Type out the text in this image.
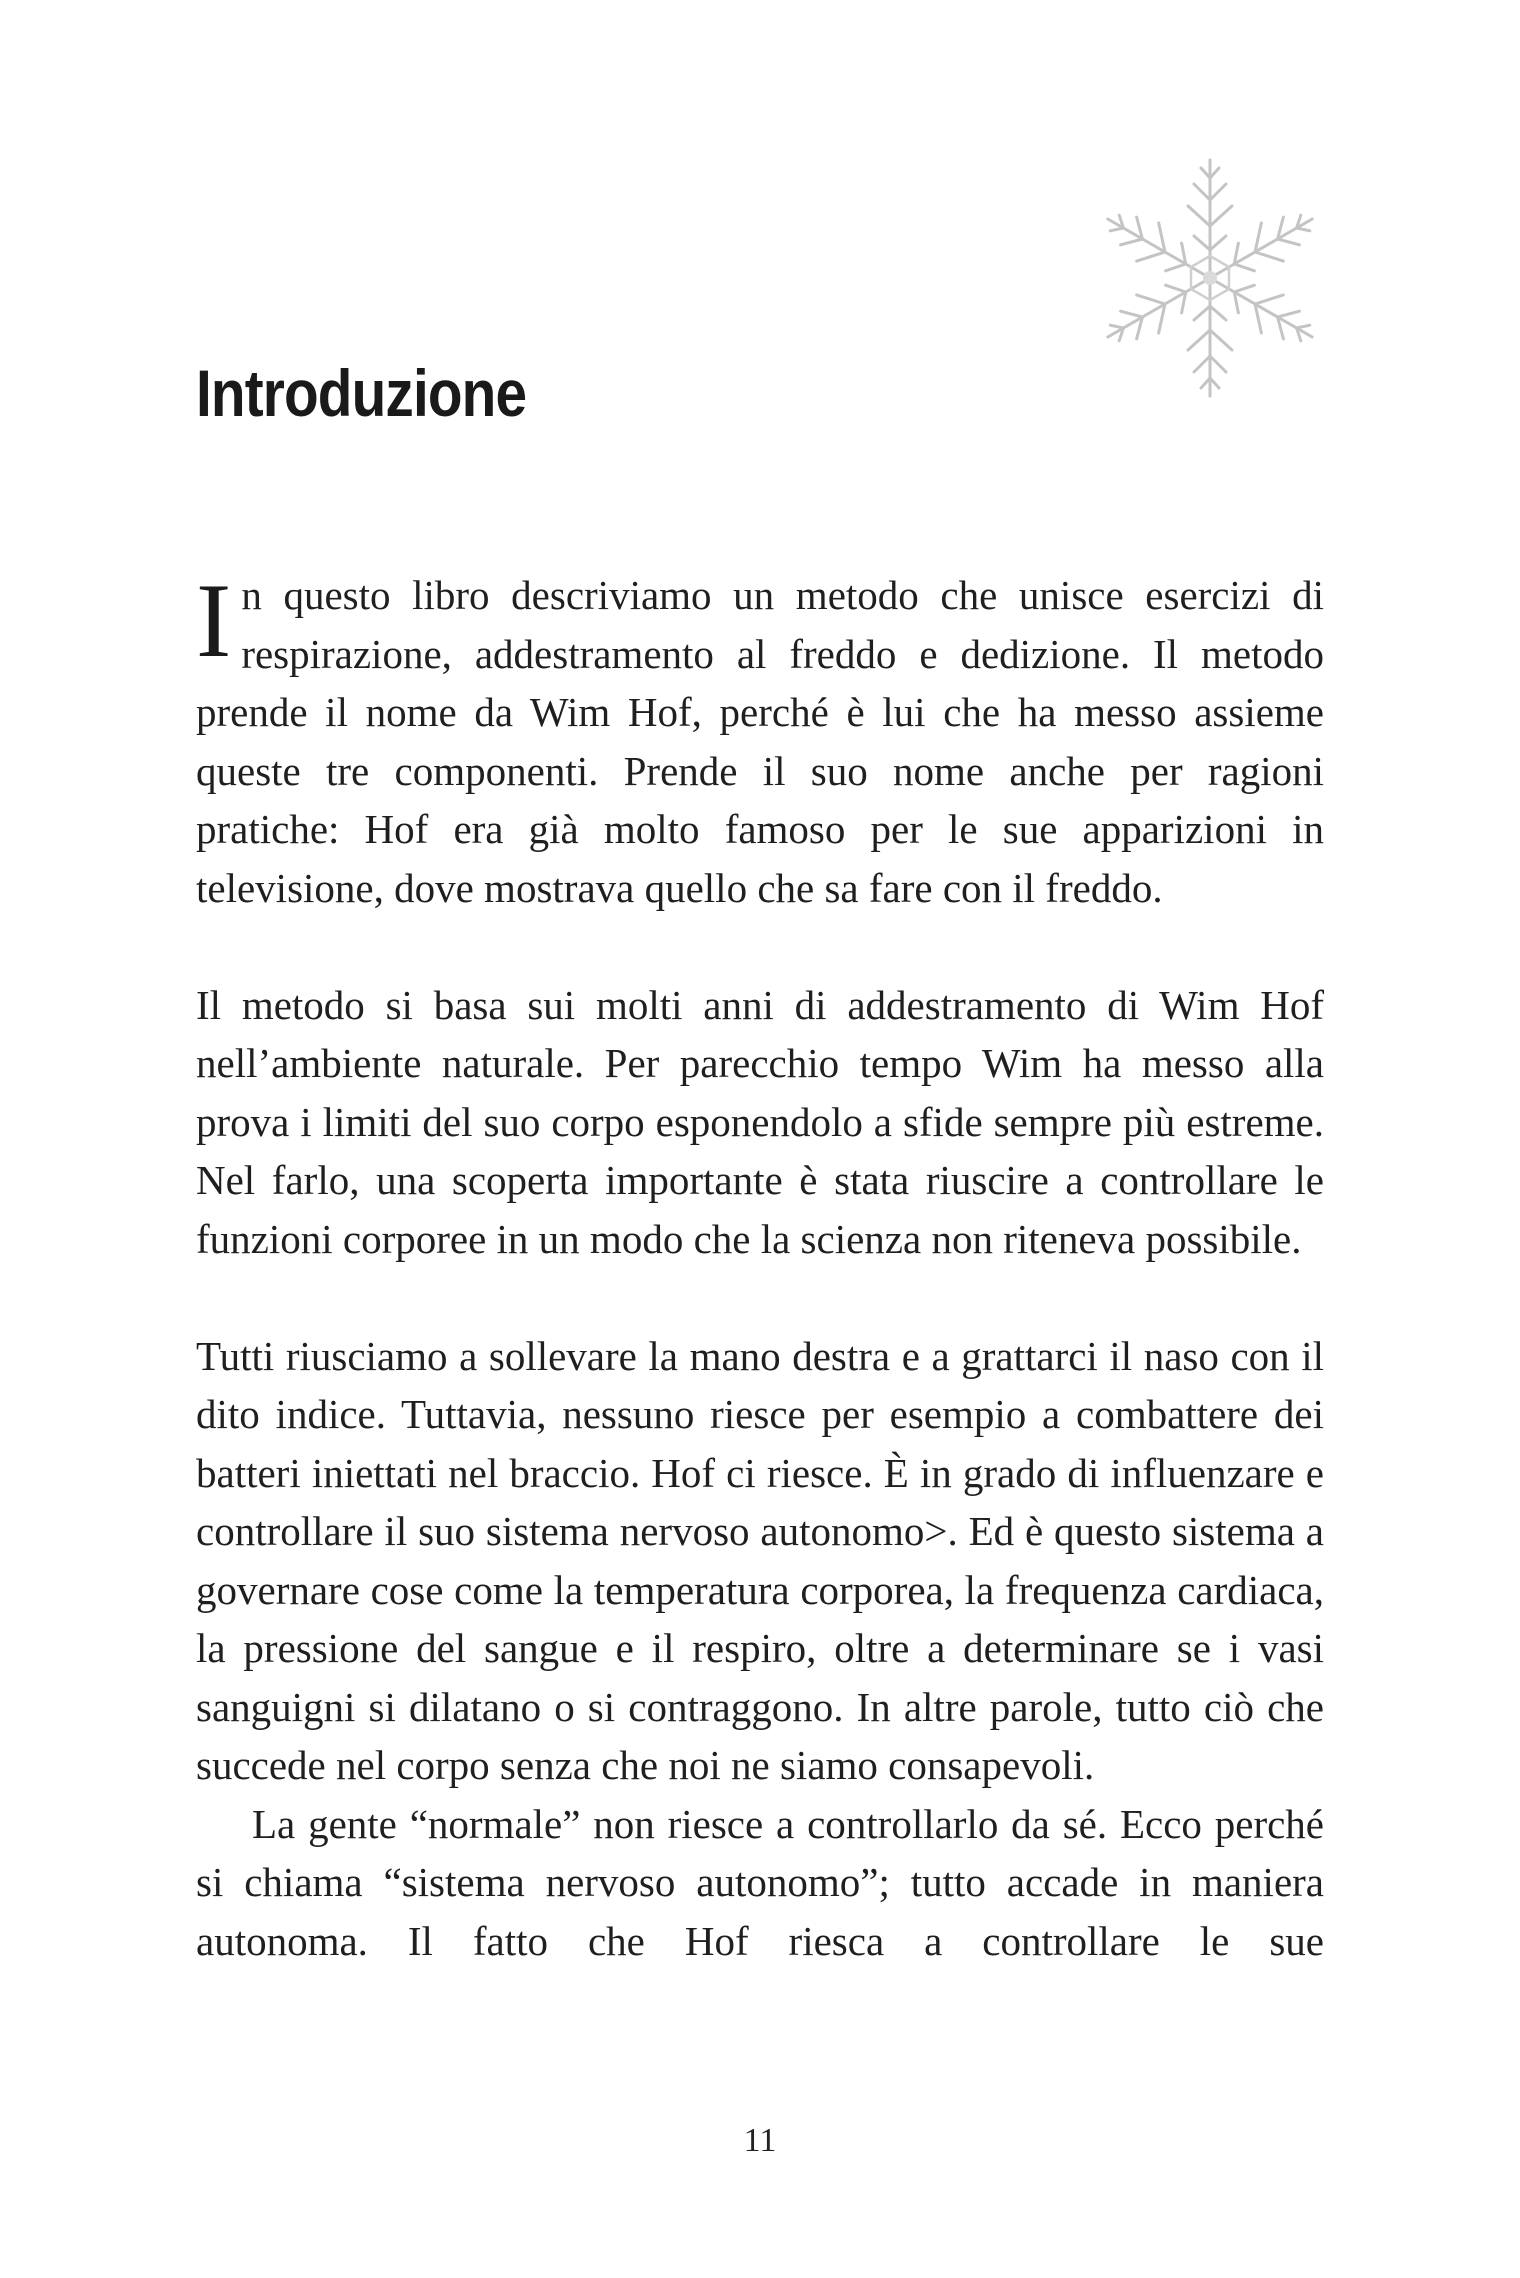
Introduzione

In questo libro descriviamo un metodo che unisce esercizi di respirazione, addestramento al freddo e dedizione. Il metodo prende il nome da Wim Hof, perché è lui che ha messo assieme queste tre componenti. Prende il suo nome anche per ragioni pratiche: Hof era già molto famoso per le sue apparizioni in televisione, dove mostrava quello che sa fare con il freddo.

Il metodo si basa sui molti anni di addestramento di Wim Hof nell’ambiente naturale. Per parecchio tempo Wim ha messo alla prova i limiti del suo corpo esponendolo a sfide sempre più estreme. Nel farlo, una scoperta importante è stata riuscire a controllare le funzioni corporee in un modo che la scienza non riteneva possibile.

Tutti riusciamo a sollevare la mano destra e a grattarci il naso con il dito indice. Tuttavia, nessuno riesce per esempio a combattere dei batteri iniettati nel braccio. Hof ci riesce. È in grado di influenzare e controllare il suo sistema nervoso autonomo>. Ed è questo sistema a governare cose come la temperatura corporea, la frequenza cardiaca, la pressione del sangue e il respiro, oltre a determinare se i vasi sanguigni si dilatano o si contraggono. In altre parole, tutto ciò che succede nel corpo senza che noi ne siamo consapevoli.

La gente “normale” non riesce a controllarlo da sé. Ecco perché si chiama “sistema nervoso autonomo”; tutto accade in maniera autonoma. Il fatto che Hof riesca a controllare le sue

11
